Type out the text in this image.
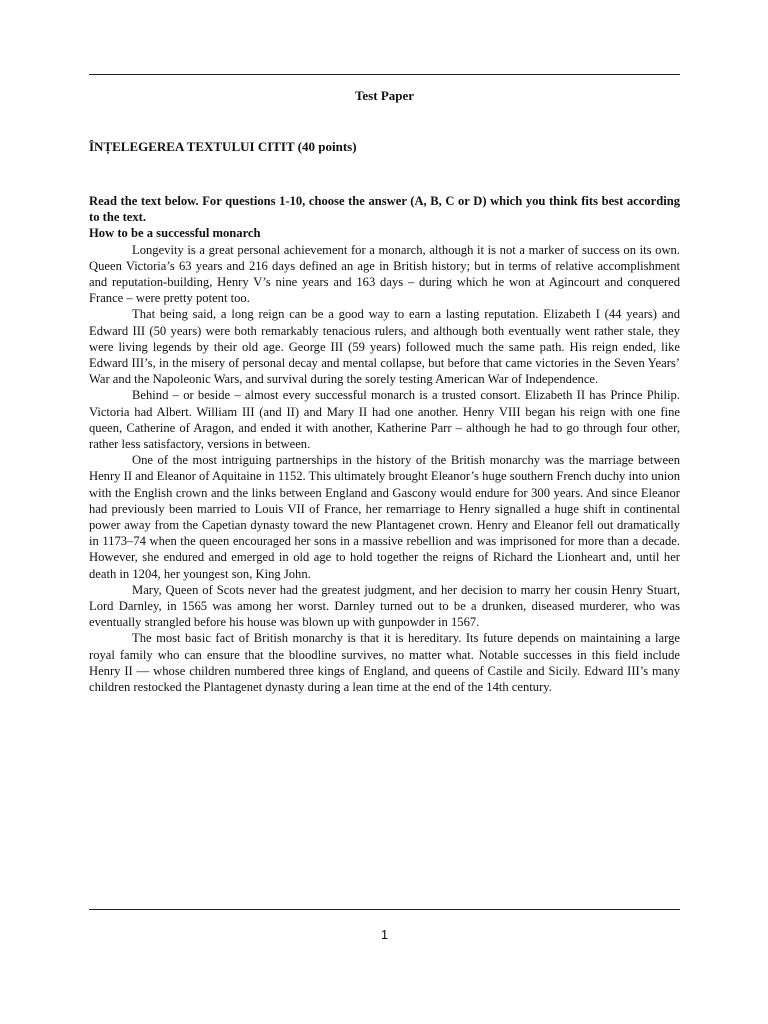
Test Paper
ÎNȚELEGEREA TEXTULUI CITIT (40 points)

Read the text below. For questions 1-10, choose the answer (A, B, C or D) which you think fits best according to the text.

How to be a successful monarch

Longevity is a great personal achievement for a monarch, although it is not a marker of success on its own. Queen Victoria’s 63 years and 216 days defined an age in British history; but in terms of relative accomplishment and reputation-building, Henry V’s nine years and 163 days – during which he won at Agincourt and conquered France – were pretty potent too.

That being said, a long reign can be a good way to earn a lasting reputation. Elizabeth I (44 years) and Edward III (50 years) were both remarkably tenacious rulers, and although both eventually went rather stale, they were living legends by their old age. George III (59 years) followed much the same path. His reign ended, like Edward III’s, in the misery of personal decay and mental collapse, but before that came victories in the Seven Years’ War and the Napoleonic Wars, and survival during the sorely testing American War of Independence.

Behind – or beside – almost every successful monarch is a trusted consort. Elizabeth II has Prince Philip. Victoria had Albert. William III (and II) and Mary II had one another. Henry VIII began his reign with one fine queen, Catherine of Aragon, and ended it with another, Katherine Parr – although he had to go through four other, rather less satisfactory, versions in between.

One of the most intriguing partnerships in the history of the British monarchy was the marriage between Henry II and Eleanor of Aquitaine in 1152. This ultimately brought Eleanor’s huge southern French duchy into union with the English crown and the links between England and Gascony would endure for 300 years. And since Eleanor had previously been married to Louis VII of France, her remarriage to Henry signalled a huge shift in continental power away from the Capetian dynasty toward the new Plantagenet crown. Henry and Eleanor fell out dramatically in 1173–74 when the queen encouraged her sons in a massive rebellion and was imprisoned for more than a decade. However, she endured and emerged in old age to hold together the reigns of Richard the Lionheart and, until her death in 1204, her youngest son, King John.

Mary, Queen of Scots never had the greatest judgment, and her decision to marry her cousin Henry Stuart, Lord Darnley, in 1565 was among her worst. Darnley turned out to be a drunken, diseased murderer, who was eventually strangled before his house was blown up with gunpowder in 1567.

The most basic fact of British monarchy is that it is hereditary. Its future depends on maintaining a large royal family who can ensure that the bloodline survives, no matter what. Notable successes in this field include Henry II — whose children numbered three kings of England, and queens of Castile and Sicily. Edward III’s many children restocked the Plantagenet dynasty during a lean time at the end of the 14th century.

1
